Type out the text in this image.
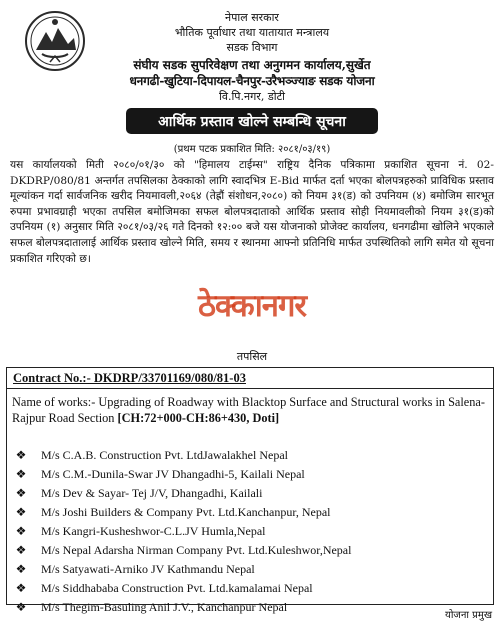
नेपाल सरकार
भौतिक पूर्वाधार तथा यातायात मन्त्रालय
सडक विभाग
संघीय सडक सुपरिवेक्षण तथा अनुगमन कार्यालय,सुर्खेत
धनगढी-खुटिया-दिपायल-चैनपुर-उरैभञ्ज्याङ सडक योजना
वि.पि.नगर, डोटी
आर्थिक प्रस्ताव खोल्ने सम्बन्धि सूचना
(प्रथम पटक प्रकाशित मिति: २०८१/०३/१९)
यस कार्यालयको मिती २०८०/०१/३० को "हिमालय टाईम्स" राष्ट्रिय दैनिक पत्रिकामा प्रकाशित सूचना नं. 02-DKDRP/080/81 अन्तर्गत तपसिलका ठेक्काको लागि स्वादभित्र E-Bid मार्फत दर्ता भएका बोलपत्रहरुको प्राविधिक प्रस्ताव मूल्यांकन गर्दा सार्वजनिक खरीद नियमावली,२०६४ (तेह्रौं संशोधन,२०८०) को नियम ३१(ड) को उपनियम (४) बमोजिम सारभूत रुपमा प्रभावग्राही भएका तपसिल बमोजिमका सफल बोलपत्रदाताको आर्थिक प्रस्ताव सोही नियमावलीको नियम ३१(ड)को उपनियम (१) अनुसार मिति २०८१/०३/२६ गते दिनको १२:०० बजे यस योजनाको प्रोजेक्ट कार्यालय, धनगढीमा खोलिने भएकाले सफल बोलपत्रदातालाई आर्थिक प्रस्ताव खोल्ने मिति, समय र स्थानमा आफ्नो प्रतिनिधि मार्फत उपस्थितिको लागि समेत यो सूचना प्रकाशित गरिएको छ।
ठेक्कानगर
तपसिल
Contract No.:- DKDRP/33701169/080/81-03
Name of works:- Upgrading of Roadway with Blacktop Surface and Structural works in Salena-Rajpur Road Section [CH:72+000-CH:86+430, Doti]
❖ M/s C.A.B. Construction Pvt. LtdJawalakhel Nepal
❖ M/s C.M.-Dunila-Swar JV Dhangadhi-5, Kailali Nepal
❖ M/s Dev & Sayar- Tej J/V, Dhangadhi, Kailali
❖ M/s Joshi Builders & Company Pvt. Ltd.Kanchanpur, Nepal
❖ M/s Kangri-Kusheshwor-C.L.JV Humla,Nepal
❖ M/s Nepal Adarsha Nirman Company Pvt. Ltd.Kuleshwor,Nepal
❖ M/s Satyawati-Arniko JV Kathmandu Nepal
❖ M/s Siddhababa Construction Pvt. Ltd.kamalamai Nepal
❖ M/s Thegim-Basuling Anil J.V., Kanchanpur Nepal
योजना प्रमुख
